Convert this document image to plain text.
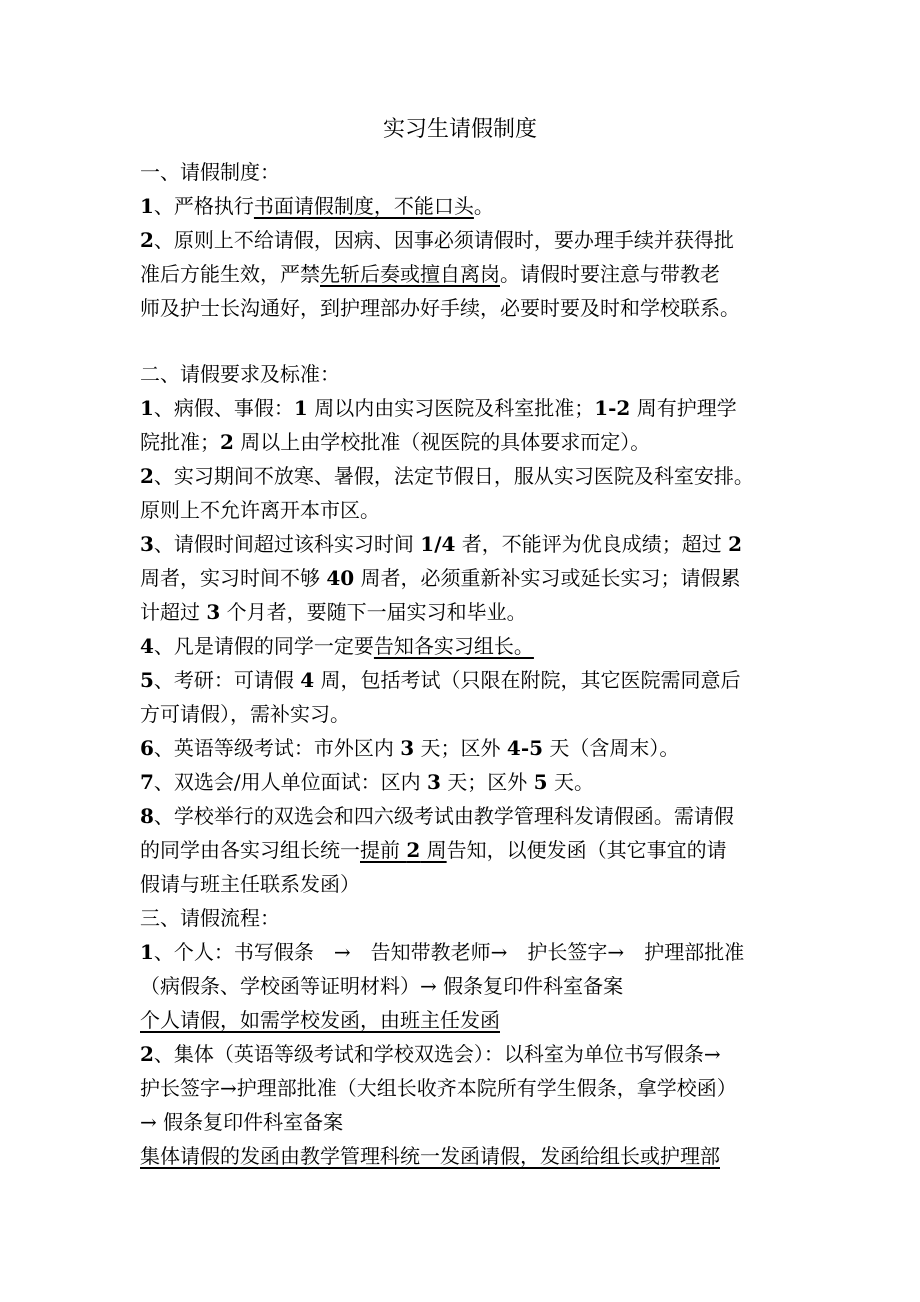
实习生请假制度
一、请假制度：
1、严格执行书面请假制度，不能口头。
2、原则上不给请假，因病、因事必须请假时，要办理手续并获得批
准后方能生效，严禁先斩后奏或擅自离岗。请假时要注意与带教老
师及护士长沟通好，到护理部办好手续，必要时要及时和学校联系。
二、请假要求及标准：
1、病假、事假：1 周以内由实习医院及科室批准；1-2 周有护理学
院批准；2 周以上由学校批准（视医院的具体要求而定）。
2、实习期间不放寒、暑假，法定节假日，服从实习医院及科室安排。
原则上不允许离开本市区。
3、请假时间超过该科实习时间 1/4 者，不能评为优良成绩；超过 2
周者，实习时间不够 40 周者，必须重新补实习或延长实习；请假累
计超过 3 个月者，要随下一届实习和毕业。
4、凡是请假的同学一定要告知各实习组长。
5、考研：可请假 4 周，包括考试（只限在附院，其它医院需同意后
方可请假），需补实习。
6、英语等级考试：市外区内 3 天；区外 4-5 天（含周末）。
7、双选会/用人单位面试：区内 3 天；区外 5 天。
8、学校举行的双选会和四六级考试由教学管理科发请假函。需请假
的同学由各实习组长统一提前 2 周告知，以便发函（其它事宜的请
假请与班主任联系发函）
三、请假流程：
1、个人：书写假条　→　告知带教老师→　护长签字→　护理部批准
（病假条、学校函等证明材料）→ 假条复印件科室备案
个人请假，如需学校发函，由班主任发函
2、集体（英语等级考试和学校双选会）：以科室为单位书写假条→
护长签字→护理部批准（大组长收齐本院所有学生假条，拿学校函）
→ 假条复印件科室备案
集体请假的发函由教学管理科统一发函请假，发函给组长或护理部
